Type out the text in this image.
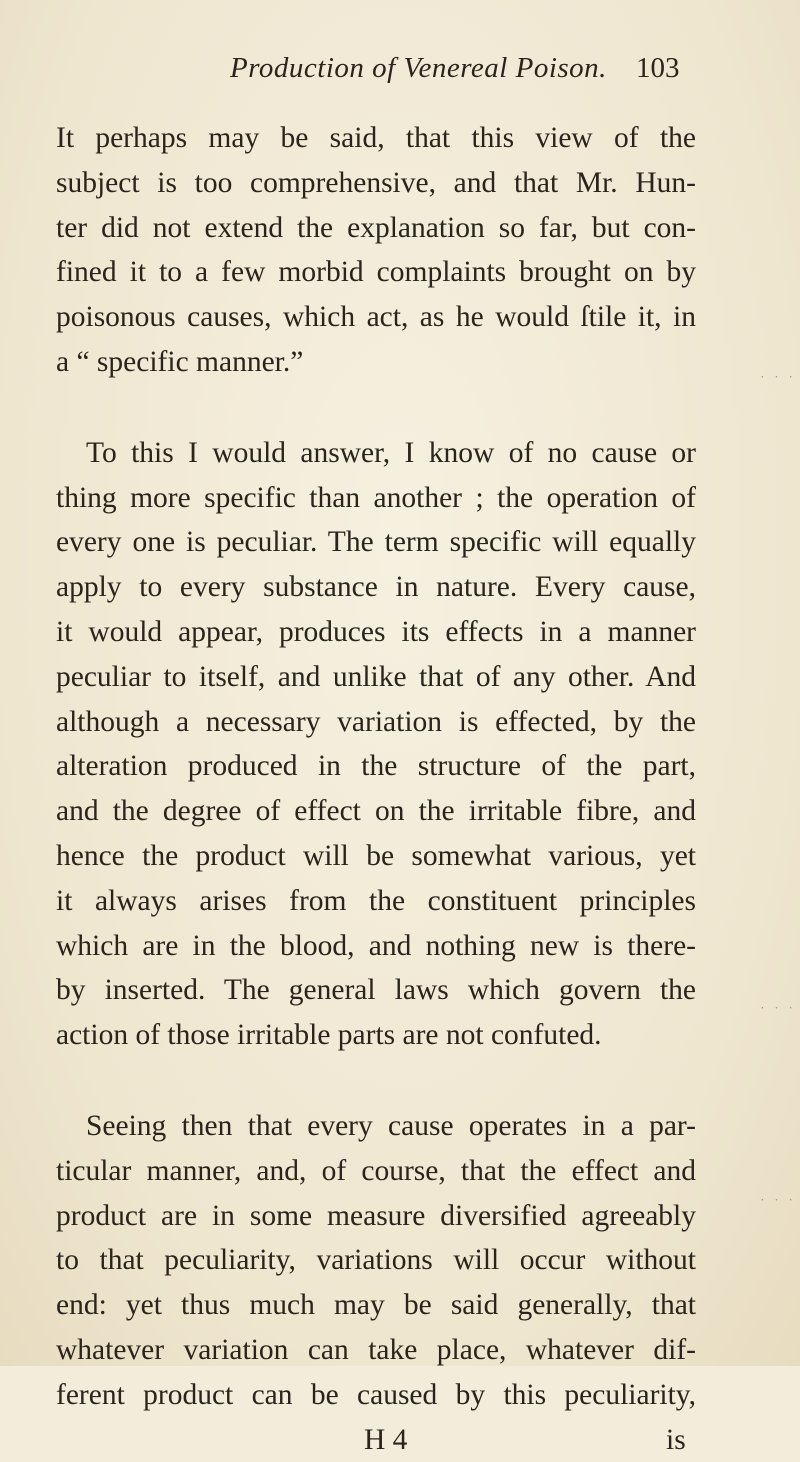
Production of Venereal Poison. 103
It perhaps may be said, that this view of the
subject is too comprehensive, and that Mr. Hun-
ter did not extend the explanation so far, but con-
fined it to a few morbid complaints brought on by
poisonous causes, which act, as he would ſtile it, in
a “ specific manner.”
To this I would answer, I know of no cause or
thing more specific than another ; the operation of
every one is peculiar. The term specific will equally
apply to every substance in nature. Every cause,
it would appear, produces its effects in a manner
peculiar to itself, and unlike that of any other. And
although a necessary variation is effected, by the
alteration produced in the structure of the part,
and the degree of effect on the irritable fibre, and
hence the product will be somewhat various, yet
it always arises from the constituent principles
which are in the blood, and nothing new is there-
by inserted. The general laws which govern the
action of those irritable parts are not confuted.
Seeing then that every cause operates in a par-
ticular manner, and, of course, that the effect and
product are in some measure diversified agreeably
to that peculiarity, variations will occur without
end: yet thus much may be said generally, that
whatever variation can take place, whatever dif-
ferent product can be caused by this peculiarity,
H 4	is
˙ ˙ ˙
˙ ˙ ˙
˙ ˙ ˙
